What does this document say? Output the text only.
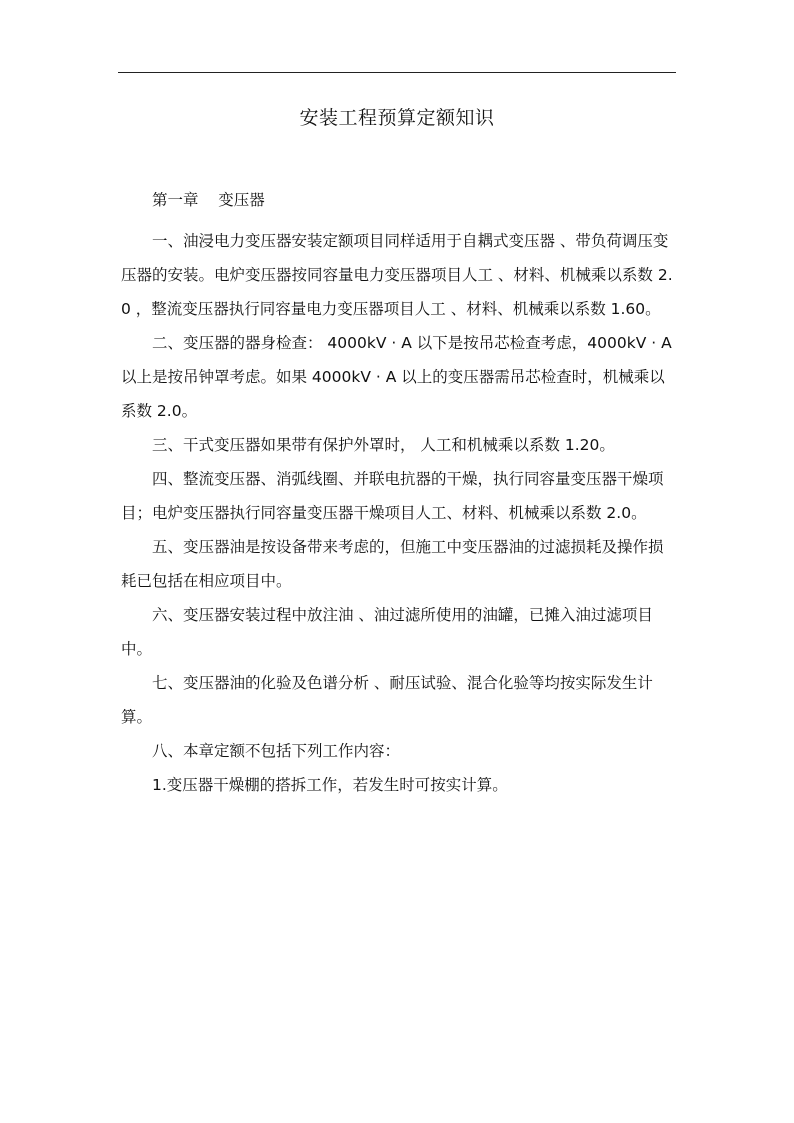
安装工程预算定额知识

第一章    变压器

一、油浸电力变压器安装定额项目同样适用于自耦式变压器 、带负荷调压变压器的安装。电炉变压器按同容量电力变压器项目人工 、材料、机械乘以系数 2.0 ，整流变压器执行同容量电力变压器项目人工 、材料、机械乘以系数 1.60。

二、变压器的器身检查： 4000kV · A 以下是按吊芯检查考虑，4000kV · A 以上是按吊钟罩考虑。如果 4000kV · A 以上的变压器需吊芯检查时，机械乘以系数 2.0。

三、干式变压器如果带有保护外罩时， 人工和机械乘以系数 1.20。

四、整流变压器、消弧线圈、并联电抗器的干燥，执行同容量变压器干燥项目；电炉变压器执行同容量变压器干燥项目人工、材料、机械乘以系数 2.0。

五、变压器油是按设备带来考虑的，但施工中变压器油的过滤损耗及操作损耗已包括在相应项目中。

六、变压器安装过程中放注油 、油过滤所使用的油罐，已摊入油过滤项目中。

七、变压器油的化验及色谱分析 、耐压试验、混合化验等均按实际发生计算。

八、本章定额不包括下列工作内容：

1.变压器干燥棚的搭拆工作，若发生时可按实计算。
